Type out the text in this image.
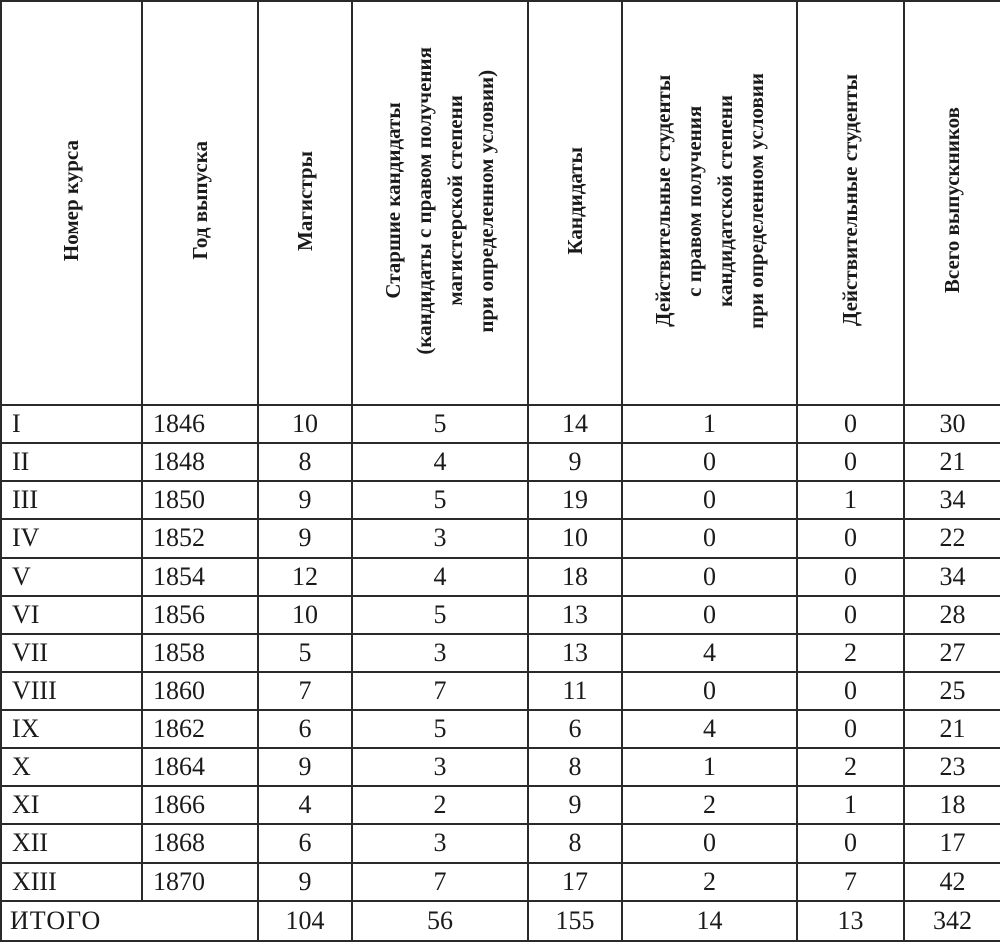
Номер курса	Год выпуска	Магистры	Старшие кандидаты
(кандидаты с правом получения
магистерской степени
при определенном условии)	Кандидаты	Действительные студенты
с правом получения
кандидатской степени
при определенном условии	Действительные студенты	Всего выпускников
I	1846	10	5	14	1	0	30
II	1848	8	4	9	0	0	21
III	1850	9	5	19	0	1	34
IV	1852	9	3	10	0	0	22
V	1854	12	4	18	0	0	34
VI	1856	10	5	13	0	0	28
VII	1858	5	3	13	4	2	27
VIII	1860	7	7	11	0	0	25
IX	1862	6	5	6	4	0	21
X	1864	9	3	8	1	2	23
XI	1866	4	2	9	2	1	18
XII	1868	6	3	8	0	0	17
XIII	1870	9	7	17	2	7	42
ИТОГО		104	56	155	14	13	342
